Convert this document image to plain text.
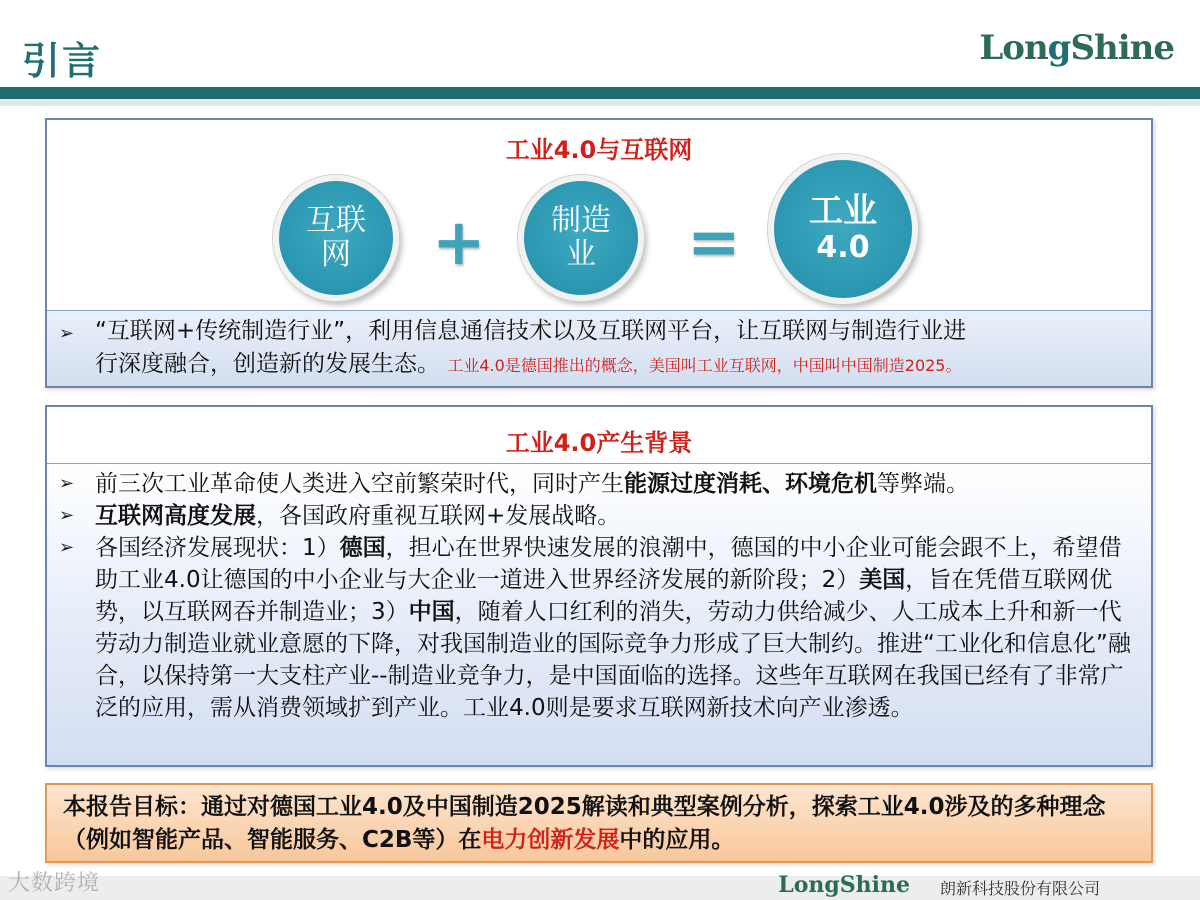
引言	LongShine
工业4.0与互联网
互联
网 + 制造
业 = 工业
4.0
➢ “互联网+传统制造行业”，利用信息通信技术以及互联网平台，让互联网与制造行业进
行深度融合，创造新的发展生态。 工业4.0是德国推出的概念，美国叫工业互联网，中国叫中国制造2025。
工业4.0产生背景
➢ 前三次工业革命使人类进入空前繁荣时代，同时产生能源过度消耗、环境危机等弊端。
➢ 互联网高度发展，各国政府重视互联网+发展战略。
➢ 各国经济发展现状：1）德国，担心在世界快速发展的浪潮中，德国的中小企业可能会跟不上，希望借助工业4.0让德国的中小企业与大企业一道进入世界经济发展的新阶段；2）美国，旨在凭借互联网优势，以互联网吞并制造业；3）中国，随着人口红利的消失，劳动力供给减少、人工成本上升和新一代劳动力制造业就业意愿的下降，对我国制造业的国际竞争力形成了巨大制约。推进“工业化和信息化”融合，以保持第一大支柱产业--制造业竞争力，是中国面临的选择。这些年互联网在我国已经有了非常广泛的应用，需从消费领域扩到产业。工业4.0则是要求互联网新技术向产业渗透。
本报告目标：通过对德国工业4.0及中国制造2025解读和典型案例分析，探索工业4.0涉及的多种理念（例如智能产品、智能服务、C2B等）在电力创新发展中的应用。
LongShine 朗新科技股份有限公司
大数跨境
